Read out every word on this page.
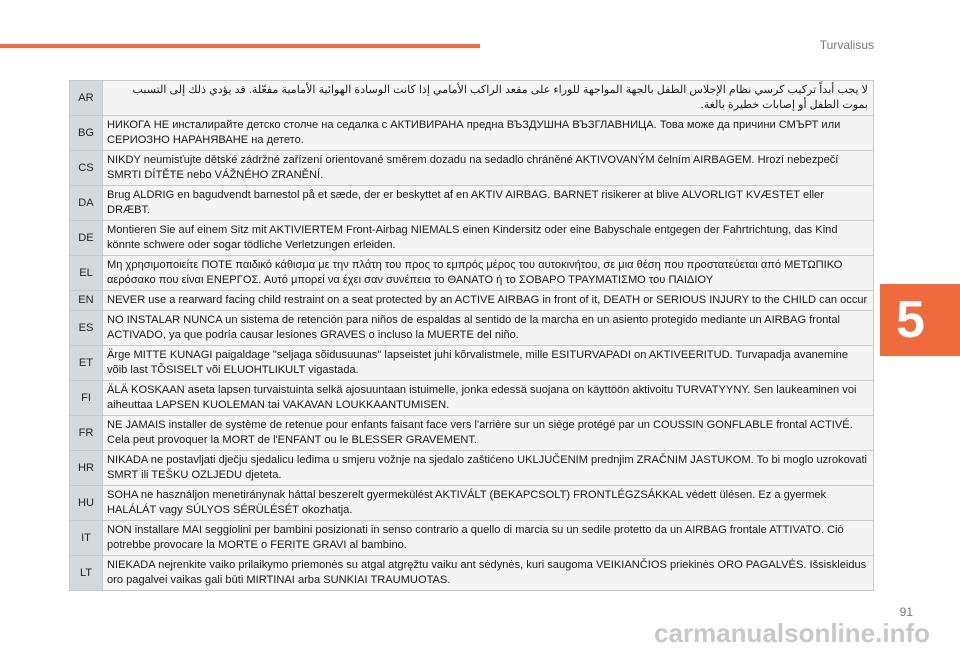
Turvalisus
5
AR	لا يجب أبداً تركيب كرسي نظام الإجلاس الطفل بالجهة المواجهة للوراء على مقعد الراكب الأمامي إذا كانت الوسادة الهوائية الأمامية مفعّلة. قد يؤدي ذلك إلى التسبب بموت الطفل أو إصابات خطيرة بالغة.
BG	НИКОГА НЕ инсталирайте детско столче на седалка с АКТИВИРАНА предна ВЪЗДУШНА ВЪЗГЛАВНИЦА. Това може да причини СМЪРТ или СЕРИОЗНО НАРАНЯВАНЕ на детето.
CS	NIKDY neumisťujte dětské zádržné zařízení orientované směrem dozadu na sedadlo chráněné AKTIVOVANÝM čelním AIRBAGEM. Hrozí nebezpečí SMRTI DÍTĚTE nebo VÁŽNÉHO ZRANĚNÍ.
DA	Brug ALDRIG en bagudvendt barnestol på et sæde, der er beskyttet af en AKTIV AIRBAG. BARNET risikerer at blive ALVORLIGT KVÆSTET eller DRÆBT.
DE	Montieren Sie auf einem Sitz mit AKTIVIERTEM Front-Airbag NIEMALS einen Kindersitz oder eine Babyschale entgegen der Fahrtrichtung, das Kind könnte schwere oder sogar tödliche Verletzungen erleiden.
EL	Μη χρησιμοποιείτε ΠΟΤΕ παιδικό κάθισμα με την πλάτη του προς το εμπρός μέρος του αυτοκινήτου, σε μια θέση που προστατεύεται από ΜΕΤΩΠΙΚΟ αερόσακο που είναι ΕΝΕΡΓΟΣ. Αυτό μπορεί να έχει σαν συνέπεια το ΘΑΝΑΤΟ ή το ΣΟΒΑΡΟ ΤΡΑΥΜΑΤΙΣΜΟ του ΠΑΙΔΙΟΥ
EN	NEVER use a rearward facing child restraint on a seat protected by an ACTIVE AIRBAG in front of it, DEATH or SERIOUS INJURY to the CHILD can occur
ES	NO INSTALAR NUNCA un sistema de retención para niños de espaldas al sentido de la marcha en un asiento protegido mediante un AIRBAG frontal ACTIVADO, ya que podría causar lesiones GRAVES o incluso la MUERTE del niño.
ET	Ärge MITTE KUNAGI paigaldage "seljaga sõidusuunas" lapseistet juhi kõrvalistmele, mille ESITURVAPADI on AKTIVEERITUD. Turvapadja avanemine võib last TÕSISELT või ELUOHTLIKULT vigastada.
FI	ÄLÄ KOSKAAN aseta lapsen turvaistuinta selkä ajosuuntaan istuimelle, jonka edessä suojana on käyttöön aktivoitu TURVATYYNY. Sen laukeaminen voi aiheuttaa LAPSEN KUOLEMAN tai VAKAVAN LOUKKAANTUMISEN.
FR	NE JAMAIS installer de système de retenue pour enfants faisant face vers l'arrière sur un siège protégé par un COUSSIN GONFLABLE frontal ACTIVÉ. Cela peut provoquer la MORT de l'ENFANT ou le BLESSER GRAVEMENT.
HR	NIKADA ne postavljati dječju sjedalicu leđima u smjeru vožnje na sjedalo zaštićeno UKLJUČENIM prednjim ZRAČNIM JASTUKOM. To bi moglo uzrokovati SMRT ili TEŠKU OZLJEDU djeteta.
HU	SOHA ne használjon menetiránynak háttal beszerelt gyermekülést AKTIVÁLT (BEKAPCSOLT) FRONTLÉGZSÁKKAL védett ülésen. Ez a gyermek HALÁLÁT vagy SÚLYOS SÉRÜLÉSÉT okozhatja.
IT	NON installare MAI seggiolini per bambini posizionati in senso contrario a quello di marcia su un sedile protetto da un AIRBAG frontale ATTIVATO. Ciò potrebbe provocare la MORTE o FERITE GRAVI al bambino.
LT	NIEKADA nejrenkite vaiko prilaikymo priemonės su atgal atgręžtu vaiku ant sėdynės, kuri saugoma VEIKIANČIOS priekinės ORO PAGALVĖS. Išsiskleidus oro pagalvei vaikas gali būti MIRTINAI arba SUNKIAI TRAUMUOTAS.
91
carmanualsonline.info
